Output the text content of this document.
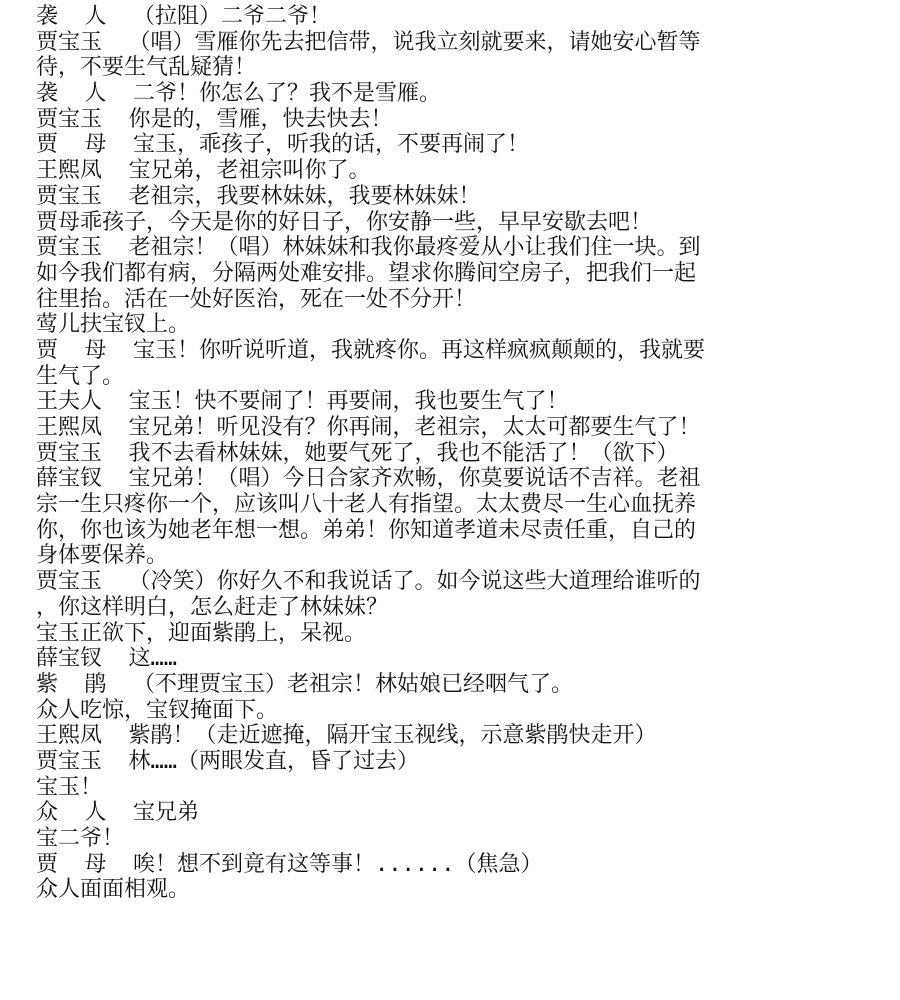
袭  人  （拉阻）二爷二爷！
贾宝玉  （唱）雪雁你先去把信带，说我立刻就要来，请她安心暂等
待，不要生气乱疑猜！
袭  人  二爷！你怎么了？我不是雪雁。
贾宝玉  你是的，雪雁，快去快去！
贾  母  宝玉，乖孩子，听我的话，不要再闹了！
王熙凤  宝兄弟，老祖宗叫你了。
贾宝玉  老祖宗，我要林妹妹，我要林妹妹！
贾母乖孩子，今天是你的好日子，你安静一些，早早安歇去吧！
贾宝玉  老祖宗！（唱）林妹妹和我你最疼爱从小让我们住一块。到
如今我们都有病，分隔两处难安排。望求你腾间空房子，把我们一起
往里抬。活在一处好医治，死在一处不分开！
莺儿扶宝钗上。
贾  母  宝玉！你听说听道，我就疼你。再这样疯疯颠颠的，我就要
生气了。
王夫人  宝玉！快不要闹了！再要闹，我也要生气了！
王熙凤  宝兄弟！听见没有？你再闹，老祖宗，太太可都要生气了！
贾宝玉  我不去看林妹妹，她要气死了，我也不能活了！（欲下）
薛宝钗  宝兄弟！（唱）今日合家齐欢畅，你莫要说话不吉祥。老祖
宗一生只疼你一个，应该叫八十老人有指望。太太费尽一生心血抚养
你，你也该为她老年想一想。弟弟！你知道孝道未尽责任重，自己的
身体要保养。
贾宝玉  （冷笑）你好久不和我说话了。如今说这些大道理给谁听的
，你这样明白，怎么赶走了林妹妹？
宝玉正欲下，迎面紫鹃上，呆视。
薛宝钗  这……
紫  鹃  （不理贾宝玉）老祖宗！林姑娘已经咽气了。
众人吃惊，宝钗掩面下。
王熙凤  紫鹃！（走近遮掩，隔开宝玉视线，示意紫鹃快走开）
贾宝玉  林……（两眼发直，昏了过去）
宝玉！
众  人  宝兄弟
宝二爷！
贾  母  唉！想不到竟有这等事！......（焦急）
众人面面相观。
